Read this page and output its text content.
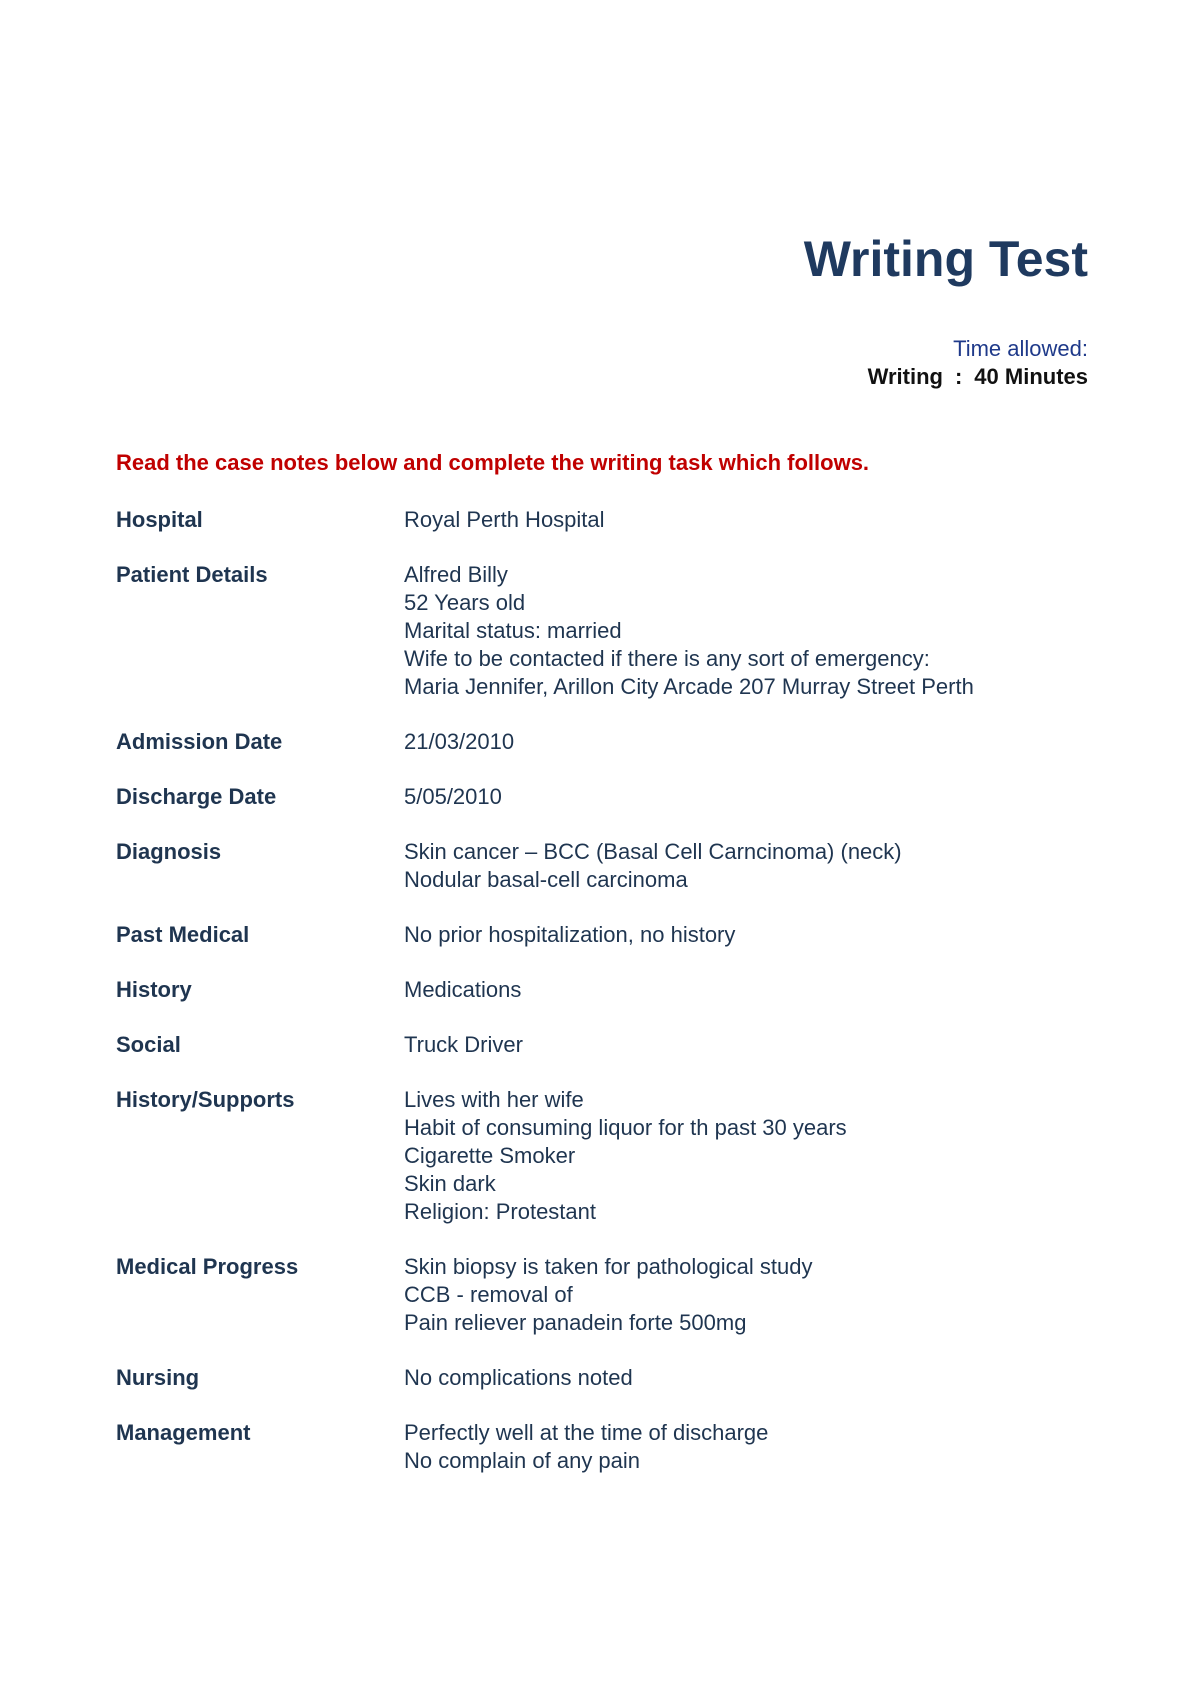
Writing Test
Time allowed:
Writing : 40 Minutes
Read the case notes below and complete the writing task which follows.
Hospital	Royal Perth Hospital
Patient Details	Alfred Billy
52 Years old
Marital status: married
Wife to be contacted if there is any sort of emergency:
Maria Jennifer, Arillon City Arcade 207 Murray Street Perth
Admission Date	21/03/2010
Discharge Date	5/05/2010
Diagnosis	Skin cancer – BCC (Basal Cell Carncinoma) (neck)
Nodular basal-cell carcinoma
Past Medical	No prior hospitalization, no history
History	Medications
Social	Truck Driver
History/Supports	Lives with her wife
Habit of consuming liquor for th past 30 years
Cigarette Smoker
Skin dark
Religion: Protestant
Medical Progress	Skin biopsy is taken for pathological study
CCB - removal of
Pain reliever panadein forte 500mg
Nursing	No complications noted
Management	Perfectly well at the time of discharge
No complain of any pain
